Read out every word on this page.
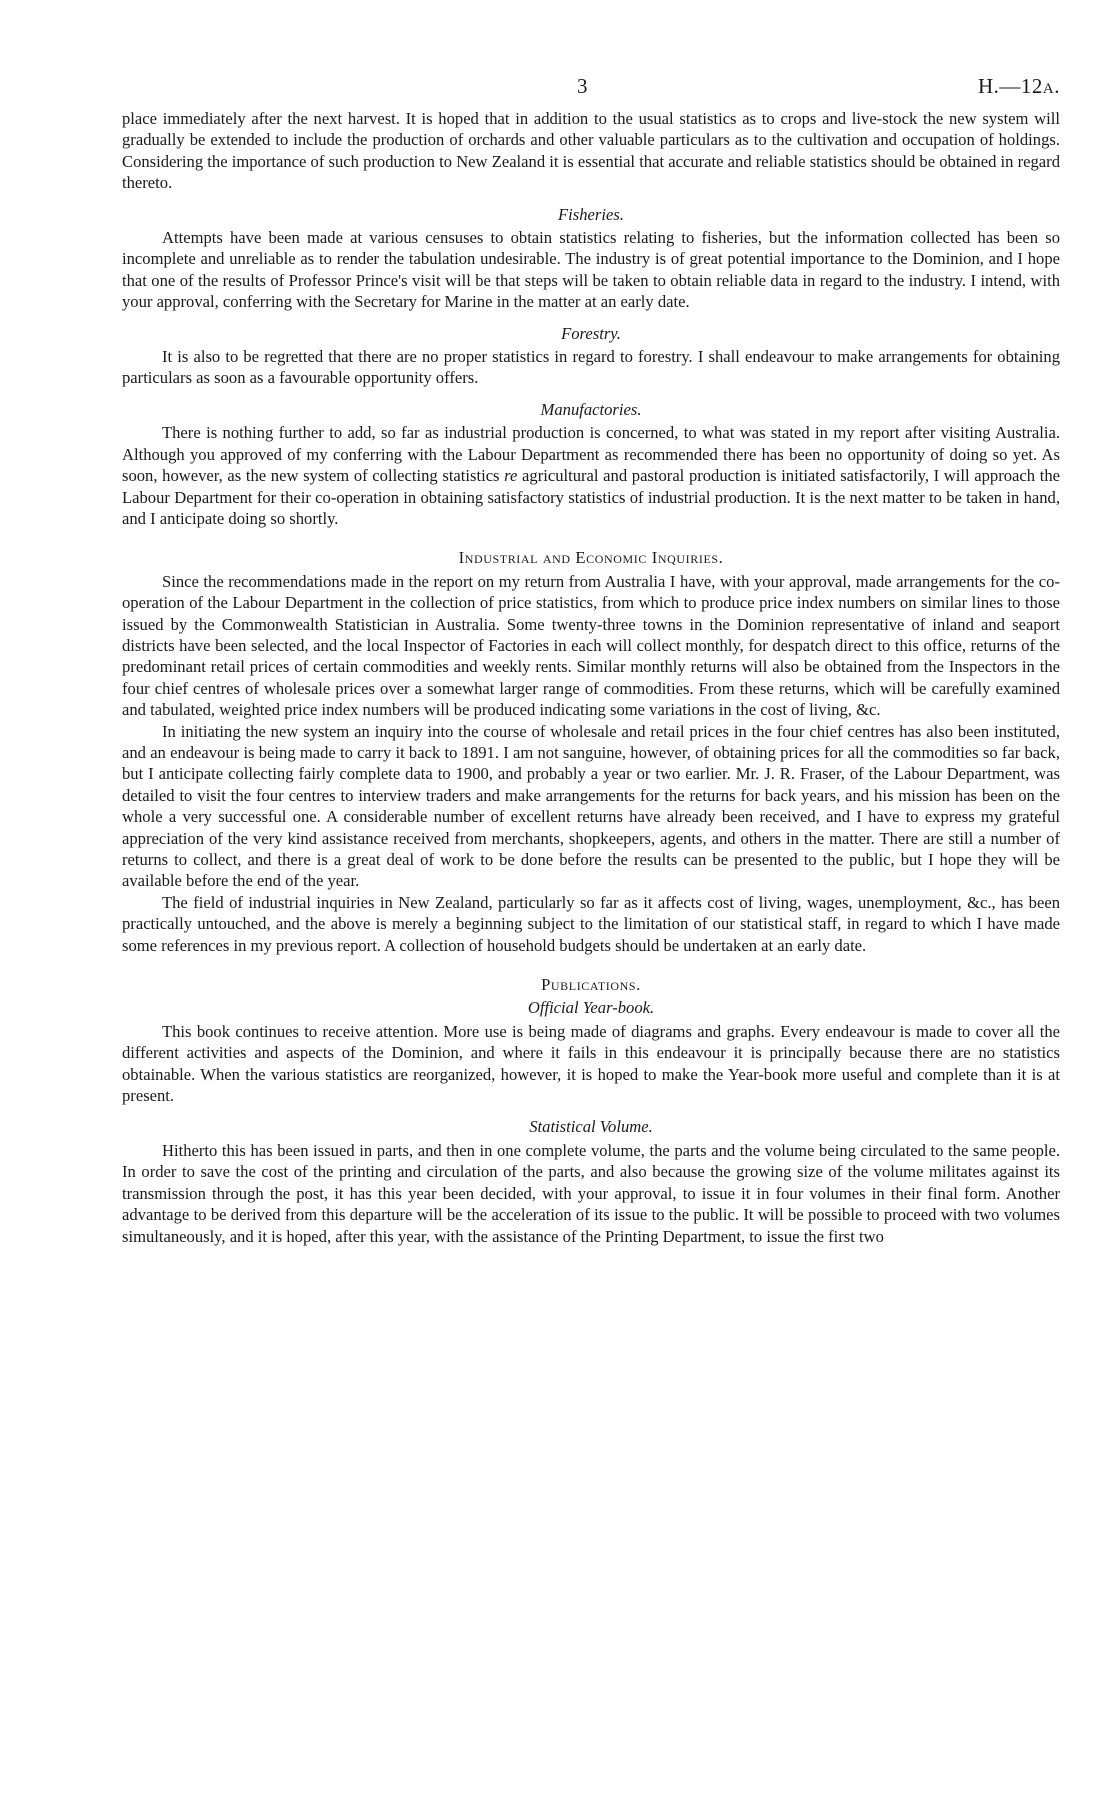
3	H.—12A.

place immediately after the next harvest. It is hoped that in addition to the usual statistics as to crops and live-stock the new system will gradually be extended to include the production of orchards and other valuable particulars as to the cultivation and occupation of holdings. Considering the importance of such production to New Zealand it is essential that accurate and reliable statistics should be obtained in regard thereto.

Fisheries.

Attempts have been made at various censuses to obtain statistics relating to fisheries, but the information collected has been so incomplete and unreliable as to render the tabulation undesirable. The industry is of great potential importance to the Dominion, and I hope that one of the results of Professor Prince's visit will be that steps will be taken to obtain reliable data in regard to the industry. I intend, with your approval, conferring with the Secretary for Marine in the matter at an early date.

Forestry.

It is also to be regretted that there are no proper statistics in regard to forestry. I shall endeavour to make arrangements for obtaining particulars as soon as a favourable opportunity offers.

Manufactories.

There is nothing further to add, so far as industrial production is concerned, to what was stated in my report after visiting Australia. Although you approved of my conferring with the Labour Department as recommended there has been no opportunity of doing so yet. As soon, however, as the new system of collecting statistics re agricultural and pastoral production is initiated satisfactorily, I will approach the Labour Department for their co-operation in obtaining satisfactory statistics of industrial production. It is the next matter to be taken in hand, and I anticipate doing so shortly.

Industrial and Economic Inquiries.

Since the recommendations made in the report on my return from Australia I have, with your approval, made arrangements for the co-operation of the Labour Department in the collection of price statistics, from which to produce price index numbers on similar lines to those issued by the Commonwealth Statistician in Australia. Some twenty-three towns in the Dominion representative of inland and seaport districts have been selected, and the local Inspector of Factories in each will collect monthly, for despatch direct to this office, returns of the predominant retail prices of certain commodities and weekly rents. Similar monthly returns will also be obtained from the Inspectors in the four chief centres of wholesale prices over a somewhat larger range of commodities. From these returns, which will be carefully examined and tabulated, weighted price index numbers will be produced indicating some variations in the cost of living, &c.

In initiating the new system an inquiry into the course of wholesale and retail prices in the four chief centres has also been instituted, and an endeavour is being made to carry it back to 1891. I am not sanguine, however, of obtaining prices for all the commodities so far back, but I anticipate collecting fairly complete data to 1900, and probably a year or two earlier. Mr. J. R. Fraser, of the Labour Department, was detailed to visit the four centres to interview traders and make arrangements for the returns for back years, and his mission has been on the whole a very successful one. A considerable number of excellent returns have already been received, and I have to express my grateful appreciation of the very kind assistance received from merchants, shopkeepers, agents, and others in the matter. There are still a number of returns to collect, and there is a great deal of work to be done before the results can be presented to the public, but I hope they will be available before the end of the year.

The field of industrial inquiries in New Zealand, particularly so far as it affects cost of living, wages, unemployment, &c., has been practically untouched, and the above is merely a beginning subject to the limitation of our statistical staff, in regard to which I have made some references in my previous report. A collection of household budgets should be undertaken at an early date.

Publications.
Official Year-book.

This book continues to receive attention. More use is being made of diagrams and graphs. Every endeavour is made to cover all the different activities and aspects of the Dominion, and where it fails in this endeavour it is principally because there are no statistics obtainable. When the various statistics are reorganized, however, it is hoped to make the Year-book more useful and complete than it is at present.

Statistical Volume.

Hitherto this has been issued in parts, and then in one complete volume, the parts and the volume being circulated to the same people. In order to save the cost of the printing and circulation of the parts, and also because the growing size of the volume militates against its transmission through the post, it has this year been decided, with your approval, to issue it in four volumes in their final form. Another advantage to be derived from this departure will be the acceleration of its issue to the public. It will be possible to proceed with two volumes simultaneously, and it is hoped, after this year, with the assistance of the Printing Department, to issue the first two
